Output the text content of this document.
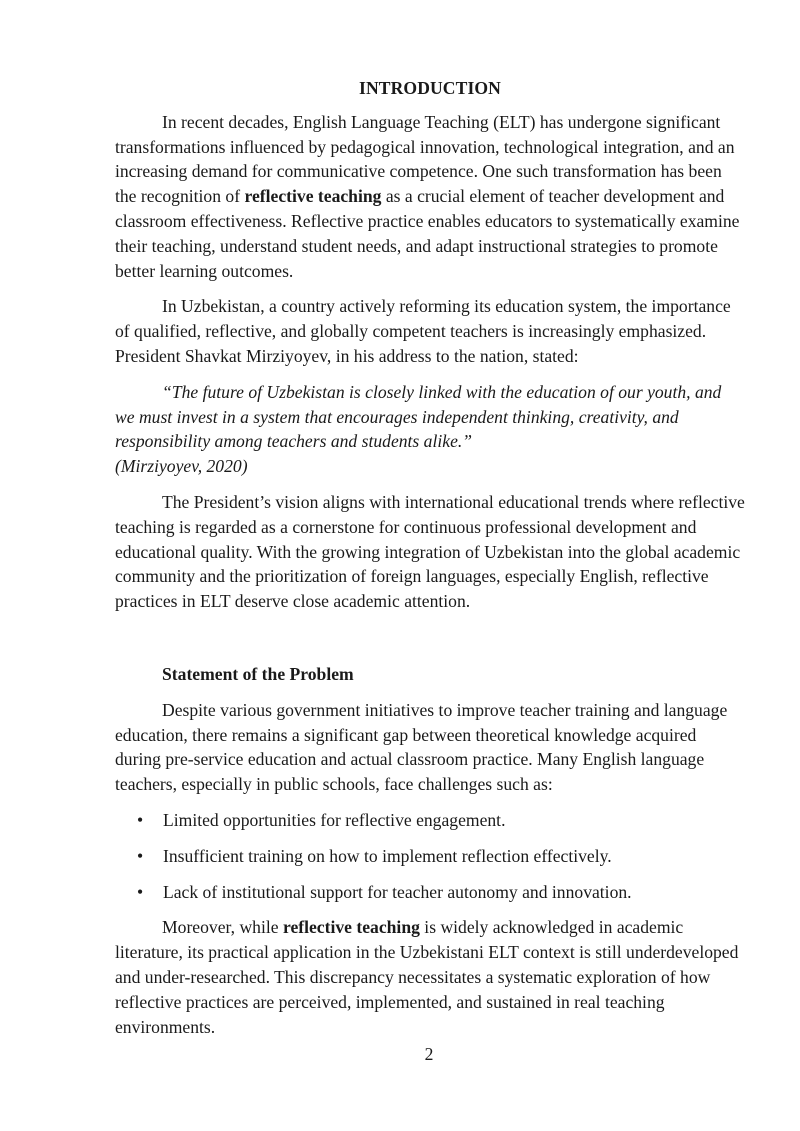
INTRODUCTION

In recent decades, English Language Teaching (ELT) has undergone significant transformations influenced by pedagogical innovation, technological integration, and an increasing demand for communicative competence. One such transformation has been the recognition of reflective teaching as a crucial element of teacher development and classroom effectiveness. Reflective practice enables educators to systematically examine their teaching, understand student needs, and adapt instructional strategies to promote better learning outcomes.

In Uzbekistan, a country actively reforming its education system, the importance of qualified, reflective, and globally competent teachers is increasingly emphasized. President Shavkat Mirziyoyev, in his address to the nation, stated:

“The future of Uzbekistan is closely linked with the education of our youth, and we must invest in a system that encourages independent thinking, creativity, and responsibility among teachers and students alike.”

(Mirziyoyev, 2020)

The President’s vision aligns with international educational trends where reflective teaching is regarded as a cornerstone for continuous professional development and educational quality. With the growing integration of Uzbekistan into the global academic community and the prioritization of foreign languages, especially English, reflective practices in ELT deserve close academic attention.

Statement of the Problem

Despite various government initiatives to improve teacher training and language education, there remains a significant gap between theoretical knowledge acquired during pre-service education and actual classroom practice. Many English language teachers, especially in public schools, face challenges such as:

• Limited opportunities for reflective engagement.
• Insufficient training on how to implement reflection effectively.
• Lack of institutional support for teacher autonomy and innovation.

Moreover, while reflective teaching is widely acknowledged in academic literature, its practical application in the Uzbekistani ELT context is still underdeveloped and under-researched. This discrepancy necessitates a systematic exploration of how reflective practices are perceived, implemented, and sustained in real teaching environments.

2
